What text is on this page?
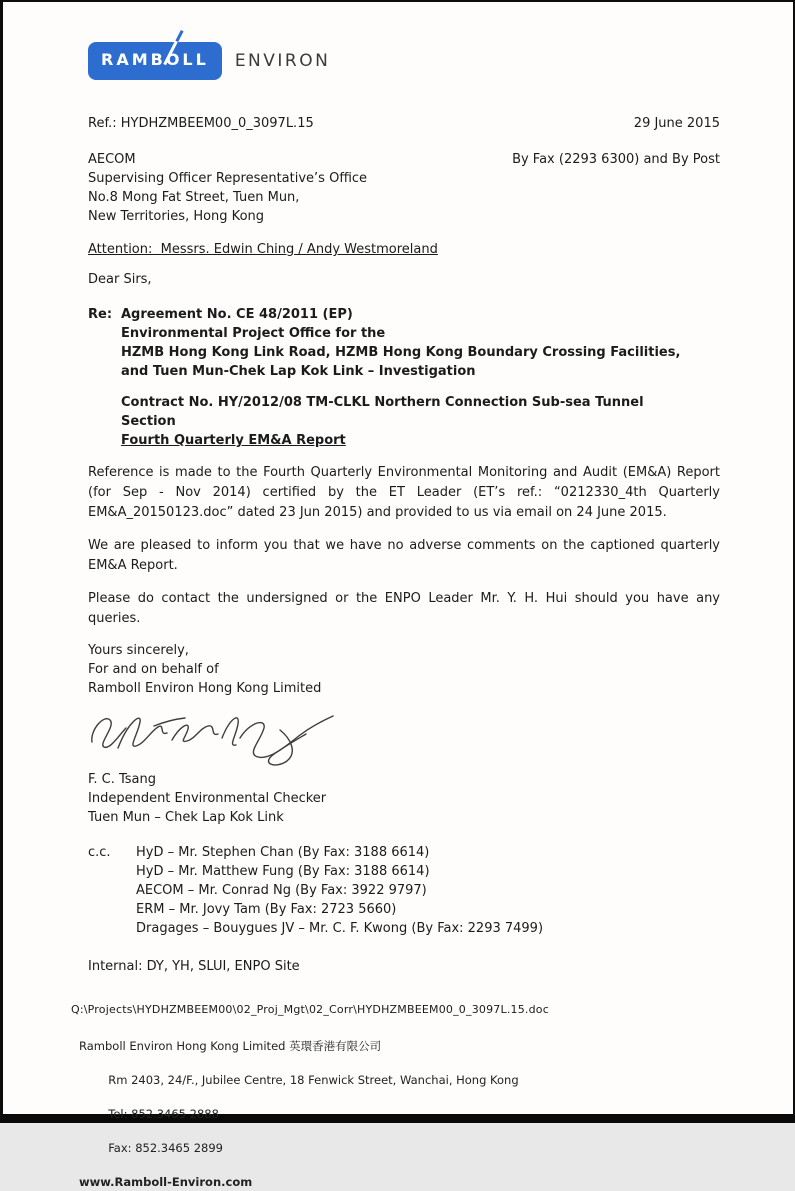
RAMBOLL	ENVIRON
Ref.: HYDHZMBEEM00_0_3097L.15	29 June 2015
AECOM
Supervising Officer Representative’s Office
No.8 Mong Fat Street, Tuen Mun,
New Territories, Hong Kong
By Fax (2293 6300) and By Post
Attention:  Messrs. Edwin Ching / Andy Westmoreland
Dear Sirs,
Re: Agreement No. CE 48/2011 (EP)
Environmental Project Office for the
HZMB Hong Kong Link Road, HZMB Hong Kong Boundary Crossing Facilities,
and Tuen Mun-Chek Lap Kok Link – Investigation
Contract No. HY/2012/08 TM-CLKL Northern Connection Sub-sea Tunnel
Section
Fourth Quarterly EM&A Report

Reference is made to the Fourth Quarterly Environmental Monitoring and Audit (EM&A) Report (for Sep - Nov 2014) certified by the ET Leader (ET’s ref.: “0212330_4th Quarterly EM&A_20150123.doc” dated 23 Jun 2015) and provided to us via email on 24 June 2015.

We are pleased to inform you that we have no adverse comments on the captioned quarterly EM&A Report.

Please do contact the undersigned or the ENPO Leader Mr. Y. H. Hui should you have any queries.

Yours sincerely,
For and on behalf of
Ramboll Environ Hong Kong Limited
F. C. Tsang
Independent Environmental Checker
Tuen Mun – Chek Lap Kok Link
c.c.	HyD – Mr. Stephen Chan (By Fax: 3188 6614)
HyD – Mr. Matthew Fung (By Fax: 3188 6614)
AECOM – Mr. Conrad Ng (By Fax: 3922 9797)
ERM – Mr. Jovy Tam (By Fax: 2723 5660)
Dragages – Bouygues JV – Mr. C. F. Kwong (By Fax: 2293 7499)
Internal: DY, YH, SLUI, ENPO Site
Q:\Projects\HYDHZMBEEM00\02_Proj_Mgt\02_Corr\HYDHZMBEEM00_0_3097L.15.doc
Ramboll Environ Hong Kong Limited 英環香港有限公司

Rm 2403, 24/F., Jubilee Centre, 18 Fenwick Street, Wanchai, Hong Kong

Tel: 852.3465 2888

Fax: 852.3465 2899

www.Ramboll-Environ.com
